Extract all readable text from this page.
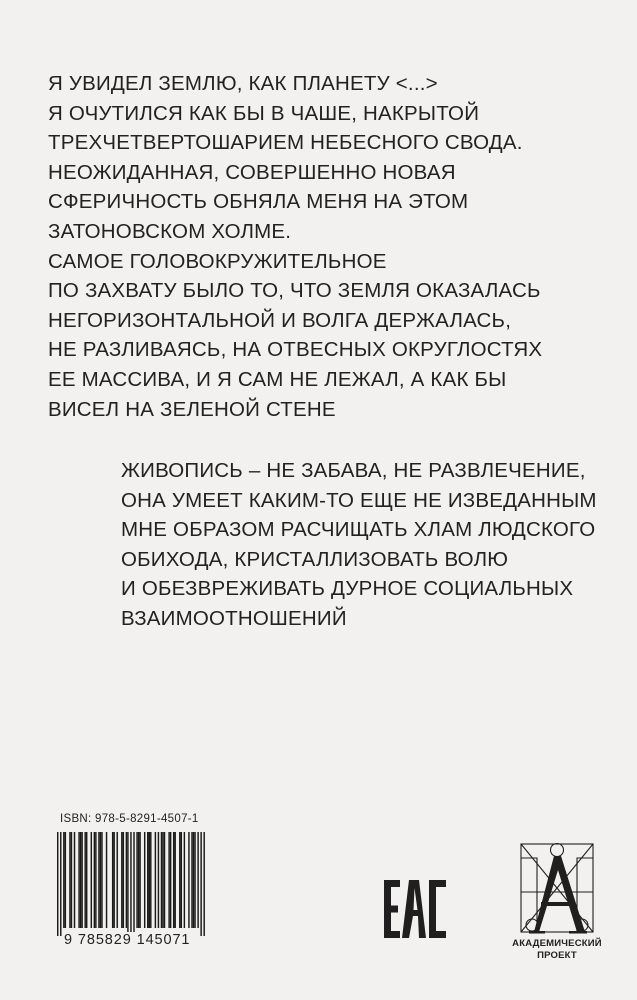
Я УВИДЕЛ ЗЕМЛЮ, КАК ПЛАНЕТУ <...>
Я ОЧУТИЛСЯ КАК БЫ В ЧАШЕ, НАКРЫТОЙ
ТРЕХЧЕТВЕРТОШАРИЕМ НЕБЕСНОГО СВОДА.
НЕОЖИДАННАЯ, СОВЕРШЕННО НОВАЯ
СФЕРИЧНОСТЬ ОБНЯЛА МЕНЯ НА ЭТОМ
ЗАТОНОВСКОМ ХОЛМЕ.
САМОЕ ГОЛОВОКРУЖИТЕЛЬНОЕ
ПО ЗАХВАТУ БЫЛО ТО, ЧТО ЗЕМЛЯ ОКАЗАЛАСЬ
НЕГОРИЗОНТАЛЬНОЙ И ВОЛГА ДЕРЖАЛАСЬ,
НЕ РАЗЛИВАЯСЬ, НА ОТВЕСНЫХ ОКРУГЛОСТЯХ
ЕЕ МАССИВА, И Я САМ НЕ ЛЕЖАЛ, А КАК БЫ
ВИСЕЛ НА ЗЕЛЕНОЙ СТЕНЕ
ЖИВОПИСЬ – НЕ ЗАБАВА, НЕ РАЗВЛЕЧЕНИЕ,
ОНА УМЕЕТ КАКИМ-ТО ЕЩЕ НЕ ИЗВЕДАННЫМ
МНЕ ОБРАЗОМ РАСЧИЩАТЬ ХЛАМ ЛЮДСКОГО
ОБИХОДА, КРИСТАЛЛИЗОВАТЬ ВОЛЮ
И ОБЕЗВРЕЖИВАТЬ ДУРНОЕ СОЦИАЛЬНЫХ
ВЗАИМООТНОШЕНИЙ
ISBN: 978-5-8291-4507-1
9 785829 145071	АКАДЕМИЧЕСКИЙ
ПРОЕКТ
